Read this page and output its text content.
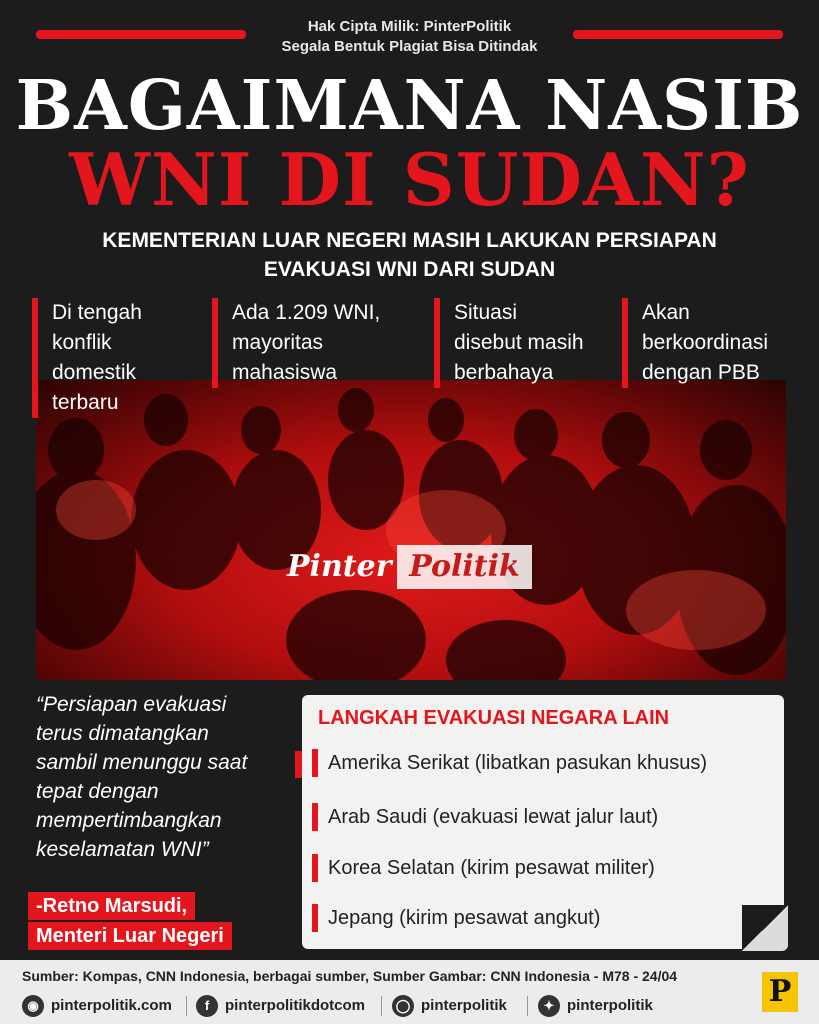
Hak Cipta Milik: PinterPolitik
Segala Bentuk Plagiat Bisa Ditindak
BAGAIMANA NASIB
WNI DI SUDAN?
KEMENTERIAN LUAR NEGERI MASIH LAKUKAN PERSIAPAN
EVAKUASI WNI DARI SUDAN
Di tengah
konflik
domestik
terbaru
Ada 1.209 WNI,
mayoritas
mahasiswa
Situasi
disebut masih
berbahaya
Akan
berkoordinasi
dengan PBB
Pinter Politik
“Persiapan evakuasi
terus dimatangkan
sambil menunggu saat
tepat dengan
mempertimbangkan
keselamatan WNI”
-Retno Marsudi,
Menteri Luar Negeri
LANGKAH EVAKUASI NEGARA LAIN
Amerika Serikat (libatkan pasukan khusus)
Arab Saudi (evakuasi lewat jalur laut)
Korea Selatan (kirim pesawat militer)
Jepang (kirim pesawat angkut)
Sumber: Kompas, CNN Indonesia, berbagai sumber, Sumber Gambar: CNN Indonesia - M78 - 24/04
◉ pinterpolitik.com	f pinterpolitikdotcom ◯ pinterpolitik	✦ pinterpolitik	P
